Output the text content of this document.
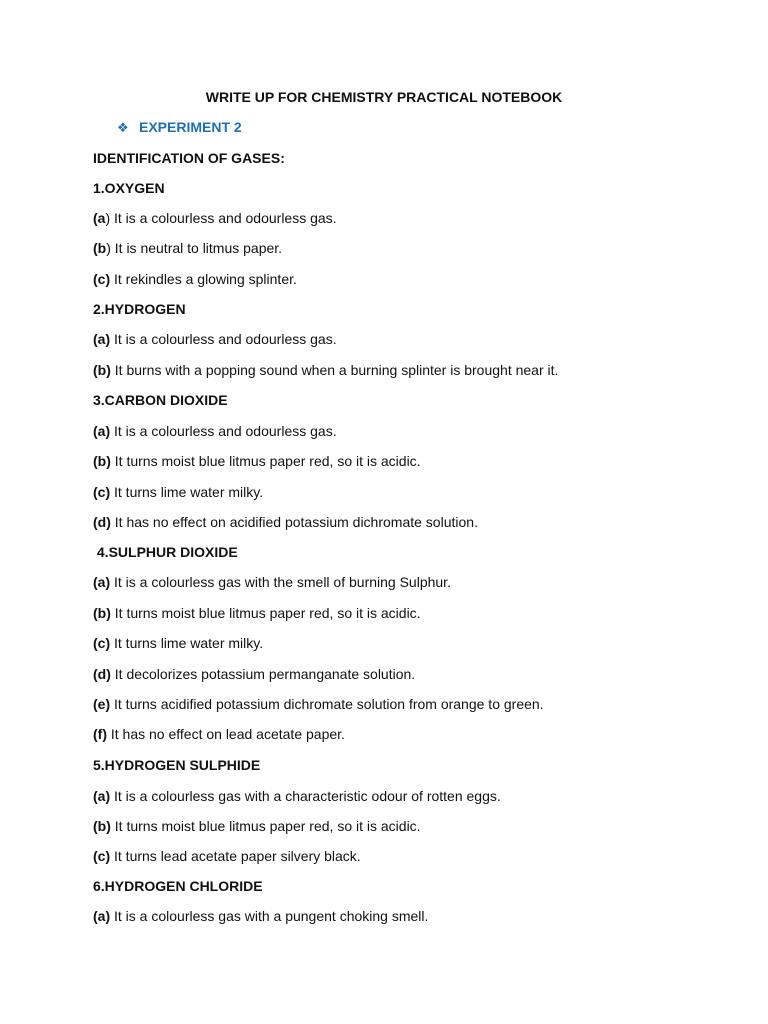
WRITE UP FOR CHEMISTRY PRACTICAL NOTEBOOK
❖ EXPERIMENT 2
IDENTIFICATION OF GASES:
1.OXYGEN
(a) It is a colourless and odourless gas.
(b) It is neutral to litmus paper.
(c) It rekindles a glowing splinter.
2.HYDROGEN
(a) It is a colourless and odourless gas.
(b) It burns with a popping sound when a burning splinter is brought near it.
3.CARBON DIOXIDE
(a) It is a colourless and odourless gas.
(b) It turns moist blue litmus paper red, so it is acidic.
(c) It turns lime water milky.
(d) It has no effect on acidified potassium dichromate solution.
4.SULPHUR DIOXIDE
(a) It is a colourless gas with the smell of burning Sulphur.
(b) It turns moist blue litmus paper red, so it is acidic.
(c) It turns lime water milky.
(d) It decolorizes potassium permanganate solution.
(e) It turns acidified potassium dichromate solution from orange to green.
(f) It has no effect on lead acetate paper.
5.HYDROGEN SULPHIDE
(a) It is a colourless gas with a characteristic odour of rotten eggs.
(b) It turns moist blue litmus paper red, so it is acidic.
(c) It turns lead acetate paper silvery black.
6.HYDROGEN CHLORIDE
(a) It is a colourless gas with a pungent choking smell.
